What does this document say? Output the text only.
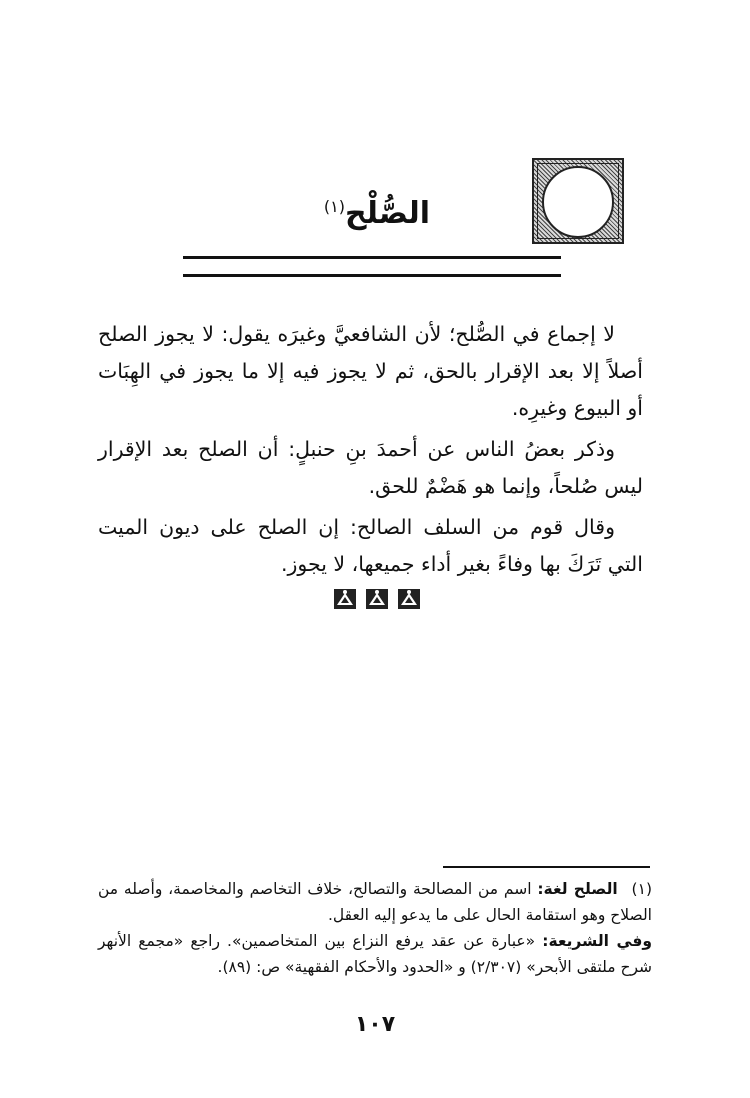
الصُّلْح$^{(١)}$

لا إجماع في الصُّلح؛ لأن الشافعيَّ وغيرَه يقول: لا يجوز الصلح أصلاً إلا بعد الإقرار بالحق، ثم لا يجوز فيه إلا ما يجوز في الهِبَات أو البيوع وغيرِه.

وذكر بعضُ الناس عن أحمدَ بنِ حنبلٍ: أن الصلح بعد الإقرار ليس صُلحاً، وإنما هو هَضْمٌ للحق.

وقال قوم من السلف الصالح: إن الصلح على ديون الميت التي تَرَكَ بها وفاءً بغير أداء جميعها، لا يجوز.

(١) الصلح لغة: اسم من المصالحة والتصالح، خلاف التخاصم والمخاصمة، وأصله من الصلاح وهو استقامة الحال على ما يدعو إليه العقل.

وفي الشريعة: «عبارة عن عقد يرفع النزاع بين المتخاصمين». راجع «مجمع الأنهر شرح ملتقى الأبحر» (٢/٣٠٧) و «الحدود والأحكام الفقهية» ص: (٨٩).

١٠٧
